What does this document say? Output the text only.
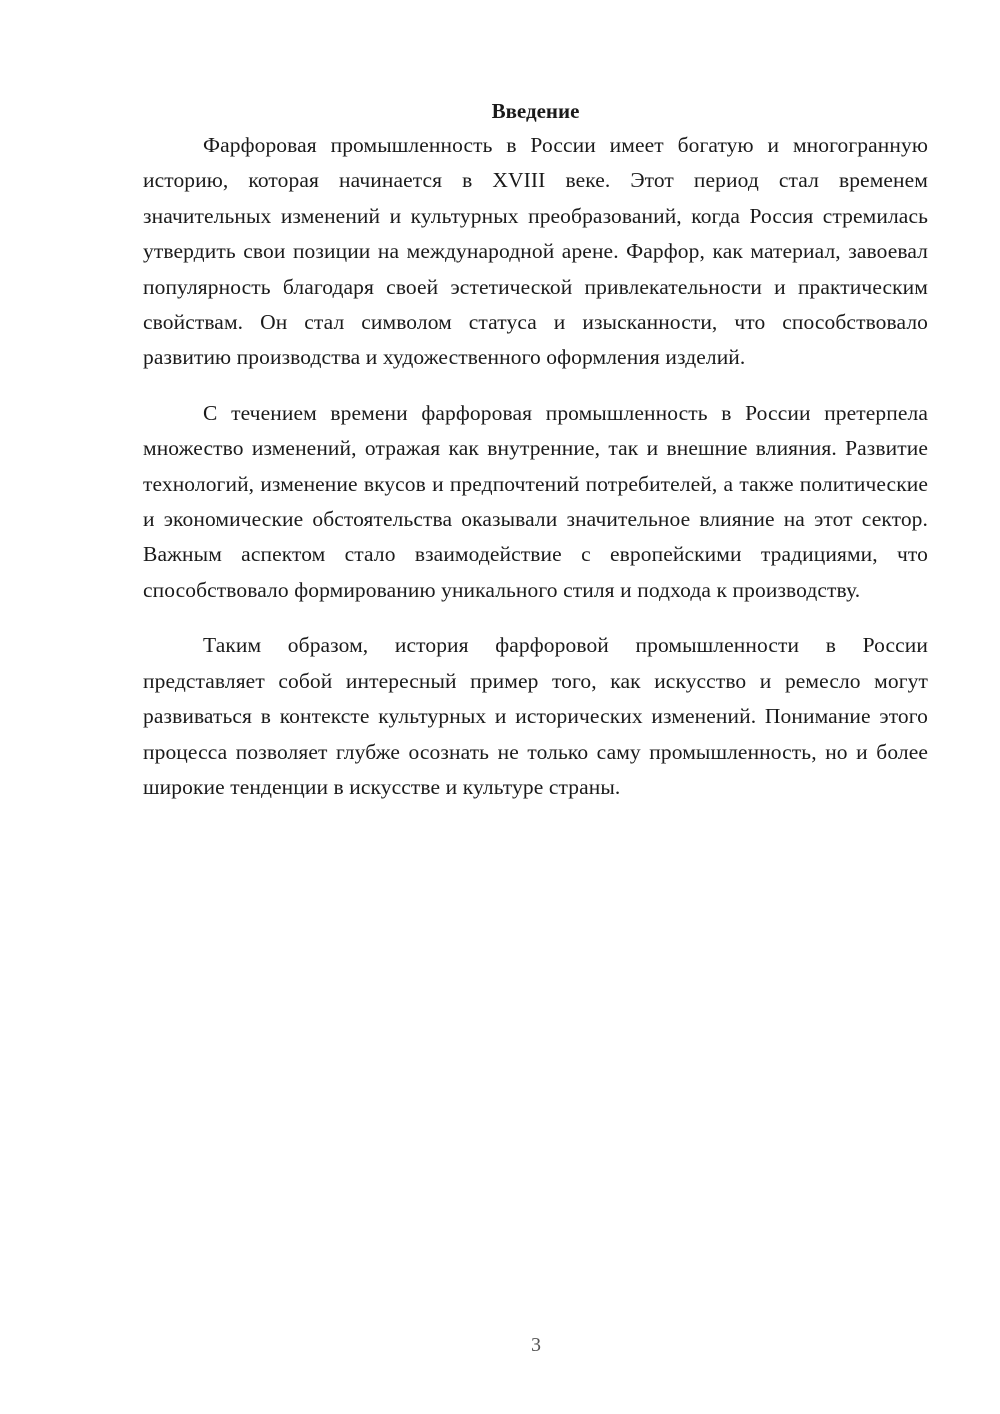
Введение

Фарфоровая промышленность в России имеет богатую и многогранную историю, которая начинается в XVIII веке. Этот период стал временем значительных изменений и культурных преобразований, когда Россия стремилась утвердить свои позиции на международной арене. Фарфор, как материал, завоевал популярность благодаря своей эстетической привлекательности и практическим свойствам. Он стал символом статуса и изысканности, что способствовало развитию производства и художественного оформления изделий.

С течением времени фарфоровая промышленность в России претерпела множество изменений, отражая как внутренние, так и внешние влияния. Развитие технологий, изменение вкусов и предпочтений потребителей, а также политические и экономические обстоятельства оказывали значительное влияние на этот сектор. Важным аспектом стало взаимодействие с европейскими традициями, что способствовало формированию уникального стиля и подхода к производству.

Таким образом, история фарфоровой промышленности в России представляет собой интересный пример того, как искусство и ремесло могут развиваться в контексте культурных и исторических изменений. Понимание этого процесса позволяет глубже осознать не только саму промышленность, но и более широкие тенденции в искусстве и культуре страны.

3
